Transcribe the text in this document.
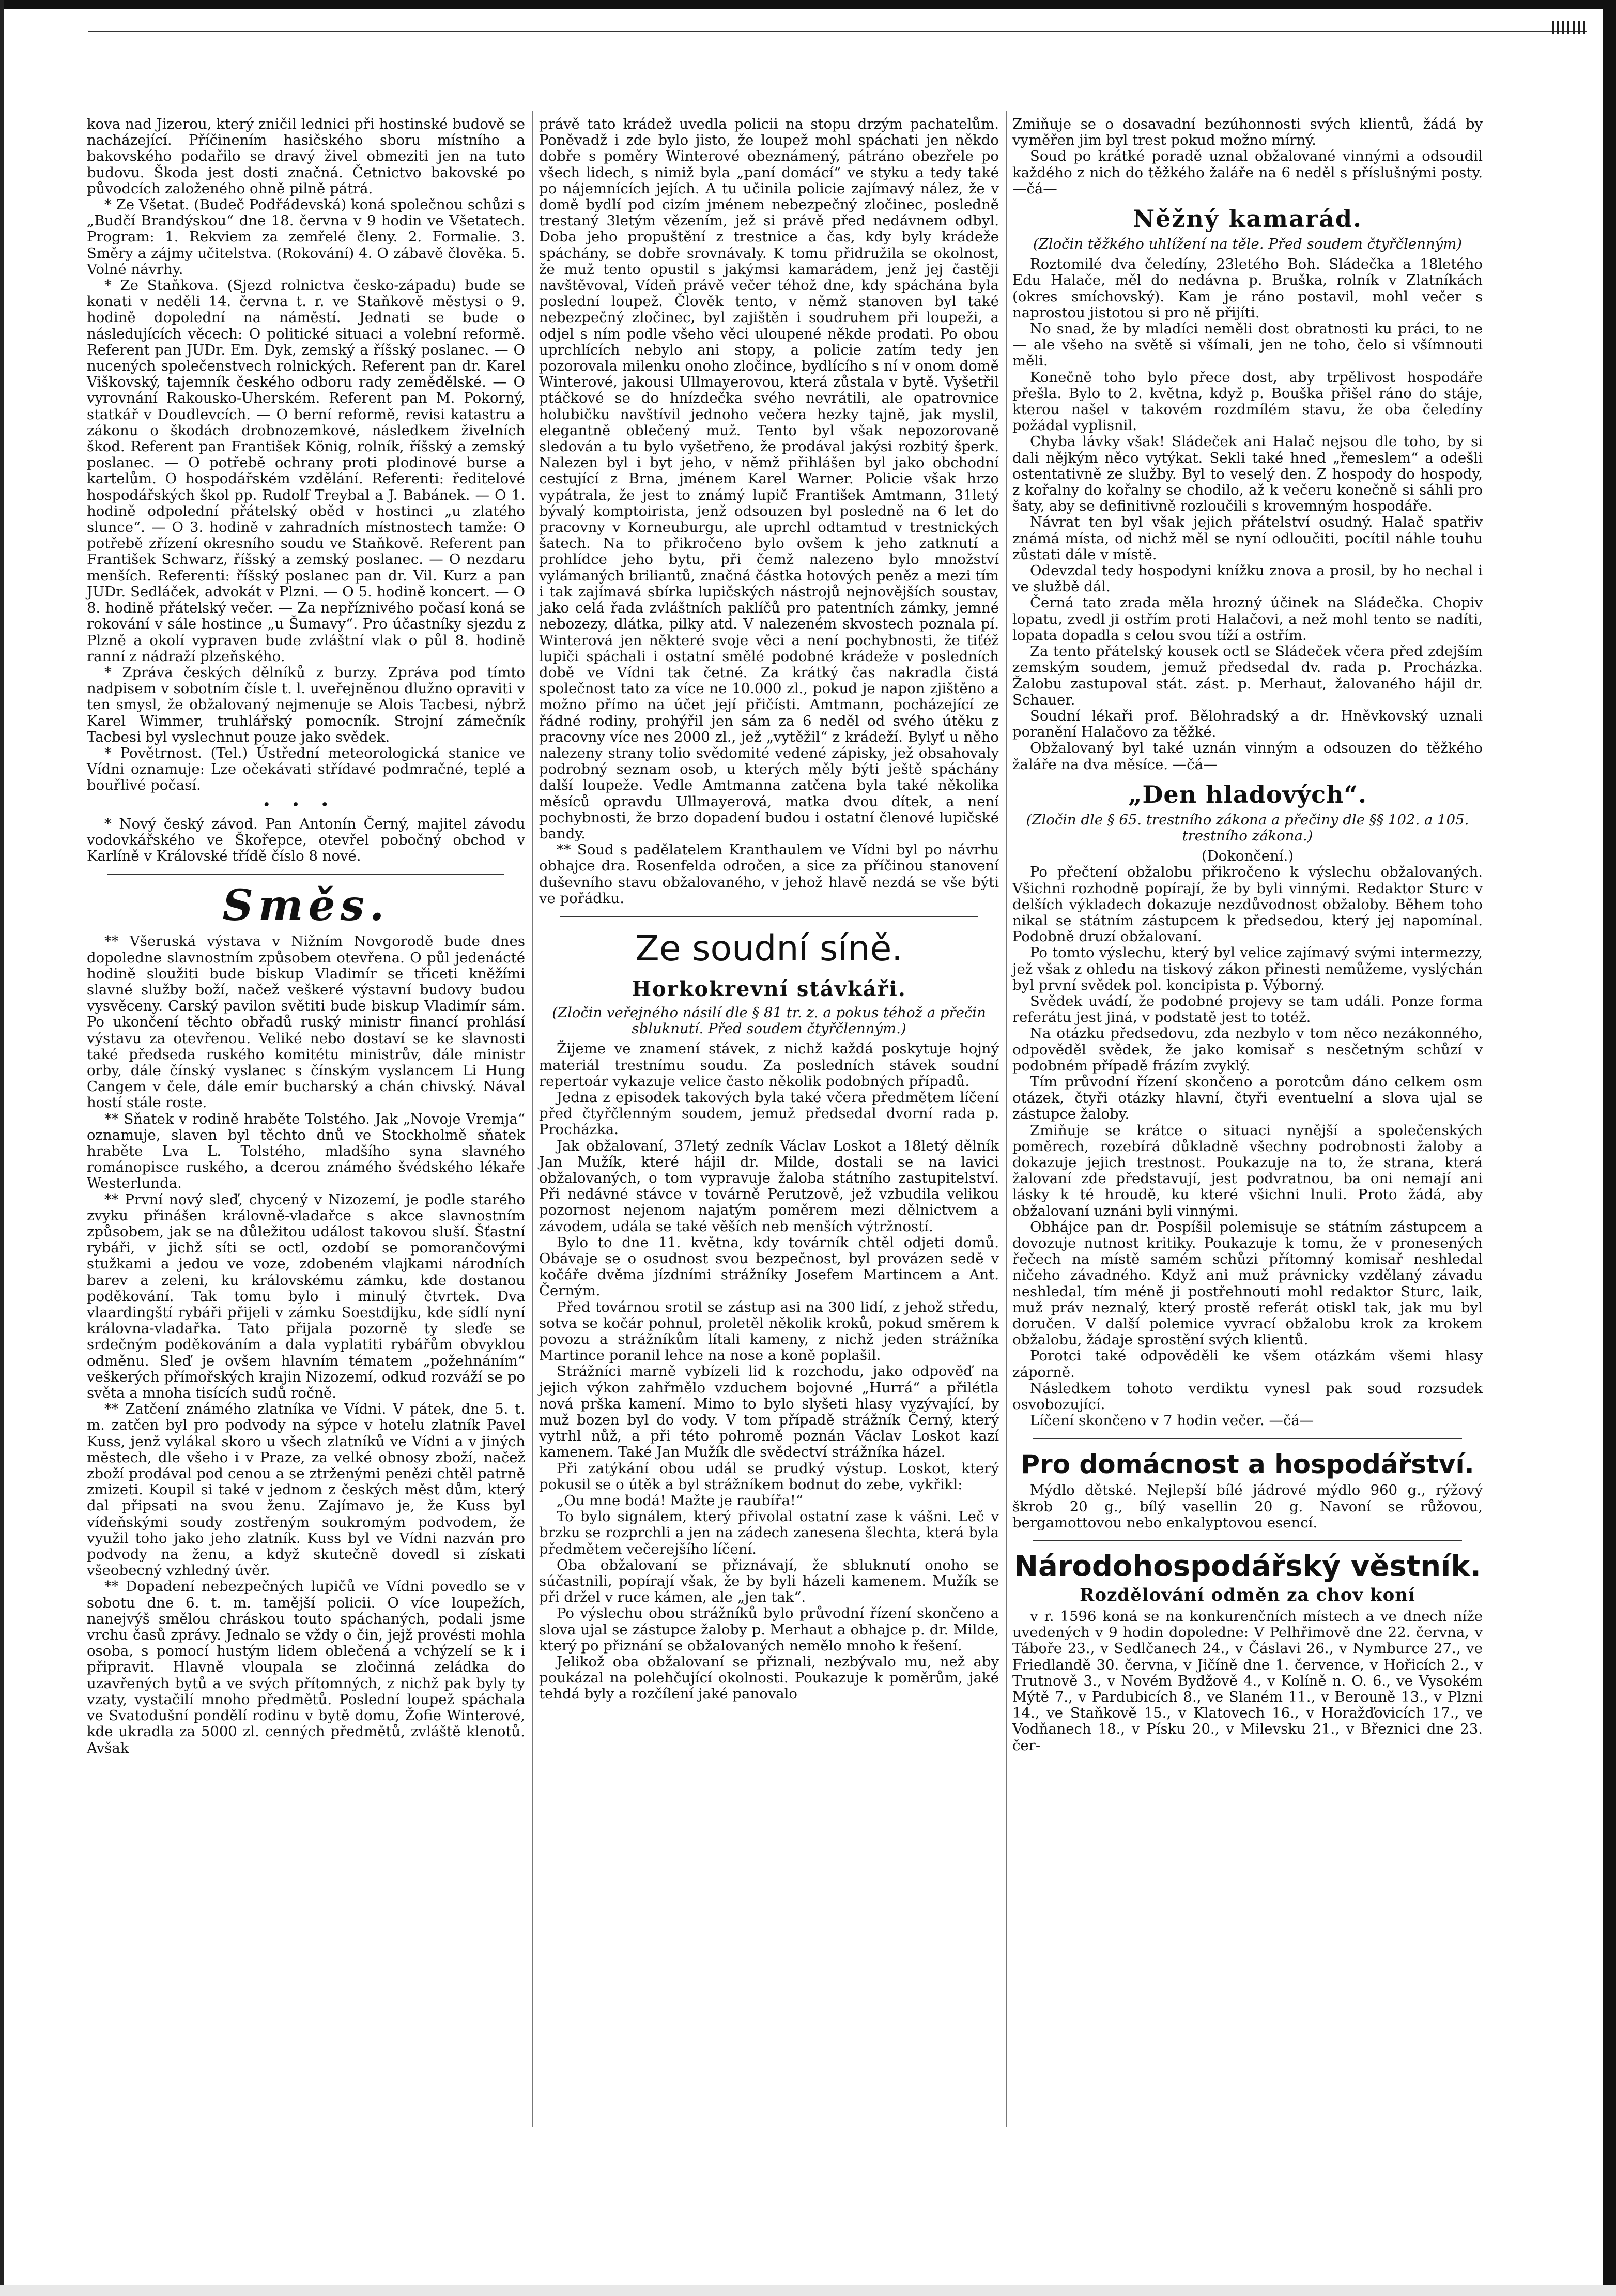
kova nad Jizerou, který zničil lednici při hostinské budově se nacházející. Příčinením hasičského sboru místního a bakovského podařilo se dravý živel obmeziti jen na tuto budovu. Škoda jest dosti značná. Četnictvo bakovské po původcích založeného ohně pilně pátrá.

* Ze Všetat. (Budeč Podřádevská) koná společnou schůzi s „Budčí Brandýskou“ dne 18. června v 9 hodin ve Všetatech. Program: 1. Rekviem za zemřelé členy. 2. Formalie. 3. Směry a zájmy učitelstva. (Rokování) 4. O zábavě člověka. 5. Volné návrhy.

* Ze Staňkova. (Sjezd rolnictva česko-západu) bude se konati v neděli 14. června t. r. ve Staňkově městysi o 9. hodině dopolední na náměstí. Jednati se bude o následujících věcech: O politické situaci a volební reformě. Referent pan JUDr. Em. Dyk, zemský a říšský poslanec. — O nucených společenstvech rolnických. Referent pan dr. Karel Viškovský, tajemník českého odboru rady zemědělské. — O vyrovnání Rakousko-Uherském. Referent pan M. Pokorný, statkář v Doudlevcích. — O berní reformě, revisi katastru a zákonu o škodách drobnozemkové, následkem živelních škod. Referent pan František König, rolník, říšský a zemský poslanec. — O potřebě ochrany proti plodinové burse a kartelům. O hospodářském vzdělání. Referenti: ředitelové hospodářských škol pp. Rudolf Treybal a J. Babánek. — O 1. hodině odpolední přátelský oběd v hostinci „u zlatého slunce“. — O 3. hodině v zahradních místnostech tamže: O potřebě zřízení okresního soudu ve Staňkově. Referent pan František Schwarz, říšský a zemský poslanec. — O nezdaru menších. Referenti: říšský poslanec pan dr. Vil. Kurz a pan JUDr. Sedláček, advokát v Plzni. — O 5. hodině koncert. — O 8. hodině přátelský večer. — Za nepříznivého počasí koná se rokování v sále hostince „u Šumavy“. Pro účastníky sjezdu z Plzně a okolí vypraven bude zvláštní vlak o půl 8. hodině ranní z nádraží plzeňského.

* Zpráva českých dělníků z burzy. Zpráva pod tímto nadpisem v sobotním čísle t. l. uveřejněnou dlužno opraviti v ten smysl, že obžalovaný nejmenuje se Alois Tacbesi, nýbrž Karel Wimmer, truhlářský pomocník. Strojní zámečník Tacbesi byl vyslechnut pouze jako svědek.

* Povětrnost. (Tel.) Ústřední meteorologická stanice ve Vídni oznamuje: Lze očekávati střídavé podmračné, teplé a bouřlivé počasí.

•••

* Nový český závod. Pan Antonín Černý, majitel závodu vodovkářského ve Škořepce, otevřel pobočný obchod v Karlíně v Královské třídě číslo 8 nové.

Směs.

** Všeruská výstava v Nižním Novgorodě bude dnes dopoledne slavnostním způsobem otevřena. O půl jedenácté hodině sloužiti bude biskup Vladimír se třiceti kněžími slavné služby boží, načež veškeré výstavní budovy budou vysvěceny. Carský pavilon světiti bude biskup Vladimír sám. Po ukončení těchto obřadů ruský ministr financí prohlásí výstavu za otevřenou. Veliké nebo dostaví se ke slavnosti také předseda ruského komitétu ministrův, dále ministr orby, dále čínský vyslanec s čínským vyslancem Li Hung Cangem v čele, dále emír bucharský a chán chivský. Nával hostí stále roste.

** Sňatek v rodině hraběte Tolstého. Jak „Novoje Vremja“ oznamuje, slaven byl těchto dnů ve Stockholmě sňatek hraběte Lva L. Tolstého, mladšího syna slavného románopisce ruského, a dcerou známého švédského lékaře Westerlunda.

** První nový sleď, chycený v Nizozemí, je podle starého zvyku přinášen královně-vladařce s akce slavnostním způsobem, jak se na důležitou událost takovou sluší. Šťastní rybáři, v jichž síti se octl, ozdobí se pomorančovými stužkami a jedou ve voze, zdobeném vlajkami národních barev a zeleni, ku královskému zámku, kde dostanou poděkování. Tak tomu bylo i minulý čtvrtek. Dva vlaardingští rybáři přijeli v zámku Soestdijku, kde sídlí nyní královna-vladařka. Tato přijala pozorně ty sleďe se srdečným poděkováním a dala vyplatiti rybářům obvyklou odměnu. Sleď je ovšem hlavním tématem „požehnáním“ veškerých přímořských krajin Nizozemí, odkud rozváží se po světa a mnoha tisících sudů ročně.

** Zatčení známého zlatníka ve Vídni. V pátek, dne 5. t. m. zatčen byl pro podvody na sýpce v hotelu zlatník Pavel Kuss, jenž vylákal skoro u všech zlatníků ve Vídni a v jiných městech, dle všeho i v Praze, za velké obnosy zboží, načež zboží prodával pod cenou a se ztrženými penězi chtěl patrně zmizeti. Koupil si také v jednom z českých měst dům, který dal připsati na svou ženu. Zajímavo je, že Kuss byl vídeňskými soudy zostřeným soukromým podvodem, že využil toho jako jeho zlatník. Kuss byl ve Vídni nazván pro podvody na ženu, a když skutečně dovedl si získati všeobecný vzhledný úvěr.

** Dopadení nebezpečných lupičů ve Vídni povedlo se v sobotu dne 6. t. m. tamější policii. O více loupežích, nanejvýš smělou chráskou touto spáchaných, podali jsme vrchu časů zprávy. Jednalo se vždy o čin, jejž provésti mohla osoba, s pomocí hustým lidem oblečená a vchýzelí se k i připravit. Hlavně vloupala se zločinná zeládka do uzavřených bytů a ve svých přítomných, z nichž pak byly ty vzaty, vystačilí mnoho předmětů. Poslední loupež spáchala ve Svatodušní pondělí rodinu v bytě domu, Žofie Winterové, kde ukradla za 5000 zl. cenných předmětů, zvláště klenotů. Avšak

právě tato krádež uvedla policii na stopu drzým pachatelům. Poněvadž i zde bylo jisto, že loupež mohl spáchati jen někdo dobře s poměry Winterové obeznámený, pátráno obezřele po všech lidech, s nimiž byla „paní domácí“ ve styku a tedy také po nájemnících jejích. A tu učinila policie zajímavý nález, že v domě bydlí pod cizím jménem nebezpečný zločinec, posledně trestaný 3letým vězením, jež si právě před nedávnem odbyl. Doba jeho propuštění z trestnice a čas, kdy byly krádeže spáchány, se dobře srovnávaly. K tomu přidružila se okolnost, že muž tento opustil s jakýmsi kamarádem, jenž jej častěji navštěvoval, Vídeň právě večer téhož dne, kdy spáchána byla poslední loupež. Člověk tento, v němž stanoven byl také nebezpečný zločinec, byl zajištěn i soudruhem při loupeži, a odjel s ním podle všeho věci uloupené někde prodati. Po obou uprchlících nebylo ani stopy, a policie zatím tedy jen pozorovala milenku onoho zločince, bydlícího s ní v onom domě Winterové, jakousi Ullmayerovou, která zůstala v bytě. Vyšetřil ptáčkové se do hnízdečka svého nevrátili, ale opatrovnice holubičku navštívil jednoho večera hezky tajně, jak myslil, elegantně oblečený muž. Tento byl však nepozorovaně sledován a tu bylo vyšetřeno, že prodával jakýsi rozbitý šperk. Nalezen byl i byt jeho, v němž přihlášen byl jako obchodní cestující z Brna, jménem Karel Warner. Policie však hrzo vypátrala, že jest to známý lupič František Amtmann, 31letý bývalý komptoirista, jenž odsouzen byl posledně na 6 let do pracovny v Korneuburgu, ale uprchl odtamtud v trestnických šatech. Na to přikročeno bylo ovšem k jeho zatknutí a prohlídce jeho bytu, při čemž nalezeno bylo množství vylámaných briliantů, značná částka hotových peněz a mezi tím i tak zajímavá sbírka lupičských nástrojů nejnovějších soustav, jako celá řada zvláštních paklíčů pro patentních zámky, jemné nebozezy, dlátka, pilky atd. V nalezeném skvostech poznala pí. Winterová jen některé svoje věci a není pochybnosti, že tiťéž lupiči spáchali i ostatní smělé podobné krádeže v posledních době ve Vídni tak četné. Za krátký čas nakradla čistá společnost tato za více ne 10.000 zl., pokud je napon zjištěno a možno přímo na účet její přičísti. Amtmann, pocházející ze řádné rodiny, prohýřil jen sám za 6 neděl od svého útěku z pracovny více nes 2000 zl., jež „vytěžil“ z krádeží. Bylyť u něho nalezeny strany tolio svědomité vedené zápisky, jež obsahovaly podrobný seznam osob, u kterých měly býti ještě spáchány další loupeže. Vedle Amtmanna zatčena byla také několika měsíců opravdu Ullmayerová, matka dvou dítek, a není pochybnosti, že brzo dopadení budou i ostatní členové lupičské bandy.

** Soud s padělatelem Kranthaulem ve Vídni byl po návrhu obhajce dra. Rosenfelda odročen, a sice za příčinou stanovení duševního stavu obžalovaného, v jehož hlavě nezdá se vše býti ve pořádku.

Ze soudní síně.
Horkokrevní stávkáři.
(Zločin veřejného násilí dle § 81 tr. z. a pokus téhož a přečin sbluknutí. Před soudem čtyřčlenným.)

Žijeme ve znamení stávek, z nichž každá poskytuje hojný materiál trestnímu soudu. Za posledních stávek soudní repertoár vykazuje velice často několik podobných případů.

Jedna z episodek takových byla také včera předmětem líčení před čtyřčlenným soudem, jemuž předsedal dvorní rada p. Procházka.

Jak obžalovaní, 37letý zedník Václav Loskot a 18letý dělník Jan Mužík, které hájil dr. Milde, dostali se na lavici obžalovaných, o tom vypravuje žaloba státního zastupitelství. Při nedávné stávce v továrně Perutzově, jež vzbudila velikou pozornost nejenom najatým poměrem mezi dělnictvem a závodem, udála se také věších neb menších výtržností.

Bylo to dne 11. května, kdy továrník chtěl odjeti domů. Obávaje se o osudnost svou bezpečnost, byl provázen sedě v kočáře dvěma jízdními strážníky Josefem Martincem a Ant. Černým.

Před továrnou srotil se zástup asi na 300 lidí, z jehož středu, sotva se kočár pohnul, proletěl několik kroků, pokud směrem k povozu a strážníkům lítali kameny, z nichž jeden strážníka Martince poranil lehce na nose a koně poplašil.

Strážníci marně vybízeli lid k rozchodu, jako odpověď na jejich výkon zahřmělo vzduchem bojovné „Hurrá“ a přilétla nová prška kamení. Mimo to bylo slyšeti hlasy vyzývající, by muž bozen byl do vody. V tom případě strážník Černý, který vytrhl nůž, a při této pohromě poznán Václav Loskot kazí kamenem. Také Jan Mužík dle svědectví strážníka házel.

Při zatýkání obou udál se prudký výstup. Loskot, který pokusil se o útěk a byl strážníkem bodnut do zebe, vykřikl:

„Ou mne bodá! Mažte je raubířa!“

To bylo signálem, který přivolal ostatní zase k vášni. Leč v brzku se rozprchli a jen na zádech zanesena šlechta, která byla předmětem večerejšího líčení.

Oba obžalovaní se přiznávají, že sbluknutí onoho se súčastnili, popírají však, že by byli házeli kamenem. Mužík se při držel v ruce kámen, ale „jen tak“.

Po výslechu obou strážníků bylo průvodní řízení skončeno a slova ujal se zástupce žaloby p. Merhaut a obhajce p. dr. Milde, který po přiznání se obžalovaných nemělo mnoho k řešení.

Jelikož oba obžalovaní se přiznali, nezbývalo mu, než aby poukázal na polehčující okolnosti. Poukazuje k poměrům, jaké tehdá byly a rozčílení jaké panovalo

Zmiňuje se o dosavadní bezúhonnosti svých klientů, žádá by vyměřen jim byl trest pokud možno mírný.

Soud po krátké poradě uznal obžalované vinnými a odsoudil každého z nich do těžkého žaláře na 6 neděl s příslušnými posty. —čá—

Něžný kamarád.
(Zločin těžkého uhlížení na těle. Před soudem čtyřčlenným)

Roztomilé dva čeledíny, 23letého Boh. Sládečka a 18letého Edu Halače, měl do nedávna p. Bruška, rolník v Zlatníkách (okres smíchovský). Kam je ráno postavil, mohl večer s naprostou jistotou si pro ně přijíti.

No snad, že by mladíci neměli dost obratnosti ku práci, to ne — ale všeho na světě si všímali, jen ne toho, čelo si všímnouti měli.

Konečně toho bylo přece dost, aby trpělivost hospodáře přešla. Bylo to 2. května, když p. Bouška přišel ráno do stáje, kterou našel v takovém rozdmílém stavu, že oba čeledíny požádal vyplisnil.

Chyba lávky však! Sládeček ani Halač nejsou dle toho, by si dali nějkým něco vytýkat. Sekli také hned „řemeslem“ a odešli ostentativně ze služby. Byl to veselý den. Z hospody do hospody, z kořalny do kořalny se chodilo, až k večeru konečně si sáhli pro šaty, aby se definitivně rozloučili s krovemným hospodáře.

Návrat ten byl však jejich přátelství osudný. Halač spatřiv známá místa, od nichž měl se nyní odloučiti, pocítil náhle touhu zůstati dále v místě.

Odevzdal tedy hospodyni knížku znova a prosil, by ho nechal i ve službě dál.

Černá tato zrada měla hrozný účinek na Sládečka. Chopiv lopatu, zvedl ji ostřím proti Halačovi, a než mohl tento se nadíti, lopata dopadla s celou svou tíží a ostřím.

Za tento přátelský kousek octl se Sládeček včera před zdejším zemským soudem, jemuž předsedal dv. rada p. Procházka. Žalobu zastupoval stát. zást. p. Merhaut, žalovaného hájil dr. Schauer.

Soudní lékaři prof. Bělohradský a dr. Hněvkovský uznali poranění Halačovo za těžké.

Obžalovaný byl také uznán vinným a odsouzen do těžkého žaláře na dva měsíce. —čá—

„Den hladových“.
(Zločin dle § 65. trestního zákona a přečiny dle §§ 102. a 105. trestního zákona.)
(Dokončení.)

Po přečtení obžalobu přikročeno k výslechu obžalovaných. Všichni rozhodně popírají, že by byli vinnými. Redaktor Sturc v delších výkladech dokazuje nezdůvodnost obžaloby. Během toho nikal se státním zástupcem k předsedou, který jej napomínal. Podobně druzí obžalovaní.

Po tomto výslechu, který byl velice zajímavý svými intermezzy, jež však z ohledu na tiskový zákon přinesti nemůžeme, vyslýchán byl první svědek pol. koncipista p. Výborný.

Svědek uvádí, že podobné projevy se tam událi. Ponze forma referátu jest jiná, v podstatě jest to totéž.

Na otázku předsedovu, zda nezbylo v tom něco nezákonného, odpověděl svědek, že jako komisař s nesčetným schůzí v podobném případě frázím zvyklý.

Tím průvodní řízení skončeno a porotcům dáno celkem osm otázek, čtyři otázky hlavní, čtyři eventuelní a slova ujal se zástupce žaloby.

Zmiňuje se krátce o situaci nynější a společenských poměrech, rozebírá důkladně všechny podrobnosti žaloby a dokazuje jejich trestnost. Poukazuje na to, že strana, která žalovaní zde představují, jest podvratnou, ba oni nemají ani lásky k té hroudě, ku které všichni lnuli. Proto žádá, aby obžalovaní uznáni byli vinnými.

Obhájce pan dr. Pospíšil polemisuje se státním zástupcem a dovozuje nutnost kritiky. Poukazuje k tomu, že v pronesených řečech na místě samém schůzi přítomný komisař neshledal ničeho závadného. Když ani muž právnicky vzdělaný závadu neshledal, tím méně ji postřehnouti mohl redaktor Sturc, laik, muž práv neznalý, který prostě referát otiskl tak, jak mu byl doručen. V další polemice vyvrací obžalobu krok za krokem obžalobu, žádaje sprostění svých klientů.

Porotci také odpověděli ke všem otázkám všemi hlasy záporně.

Následkem tohoto verdiktu vynesl pak soud rozsudek osvobozující.

Líčení skončeno v 7 hodin večer. —čá—

Pro domácnost a hospodářství.

Mýdlo dětské. Nejlepší bílé jádrové mýdlo 960 g., rýžový škrob 20 g., bílý vasellin 20 g. Navoní se růžovou, bergamottovou nebo enkalyptovou esencí.

Národohospodářský věstník.
Rozdělování odměn za chov koní

v r. 1596 koná se na konkurenčních místech a ve dnech níže uvedených v 9 hodin dopoledne: V Pelhřimově dne 22. června, v Táboře 23., v Sedlčanech 24., v Čáslavi 26., v Nymburce 27., ve Friedlandě 30. června, v Jičíně dne 1. července, v Hořicích 2., v Trutnově 3., v Novém Bydžově 4., v Kolíně n. O. 6., ve Vysokém Mýtě 7., v Pardubicích 8., ve Slaném 11., v Berouně 13., v Plzni 14., ve Staňkově 15., v Klatovech 16., v Horažďovicích 17., ve Vodňanech 18., v Písku 20., v Milevsku 21., v Březnici dne 23. čer-
